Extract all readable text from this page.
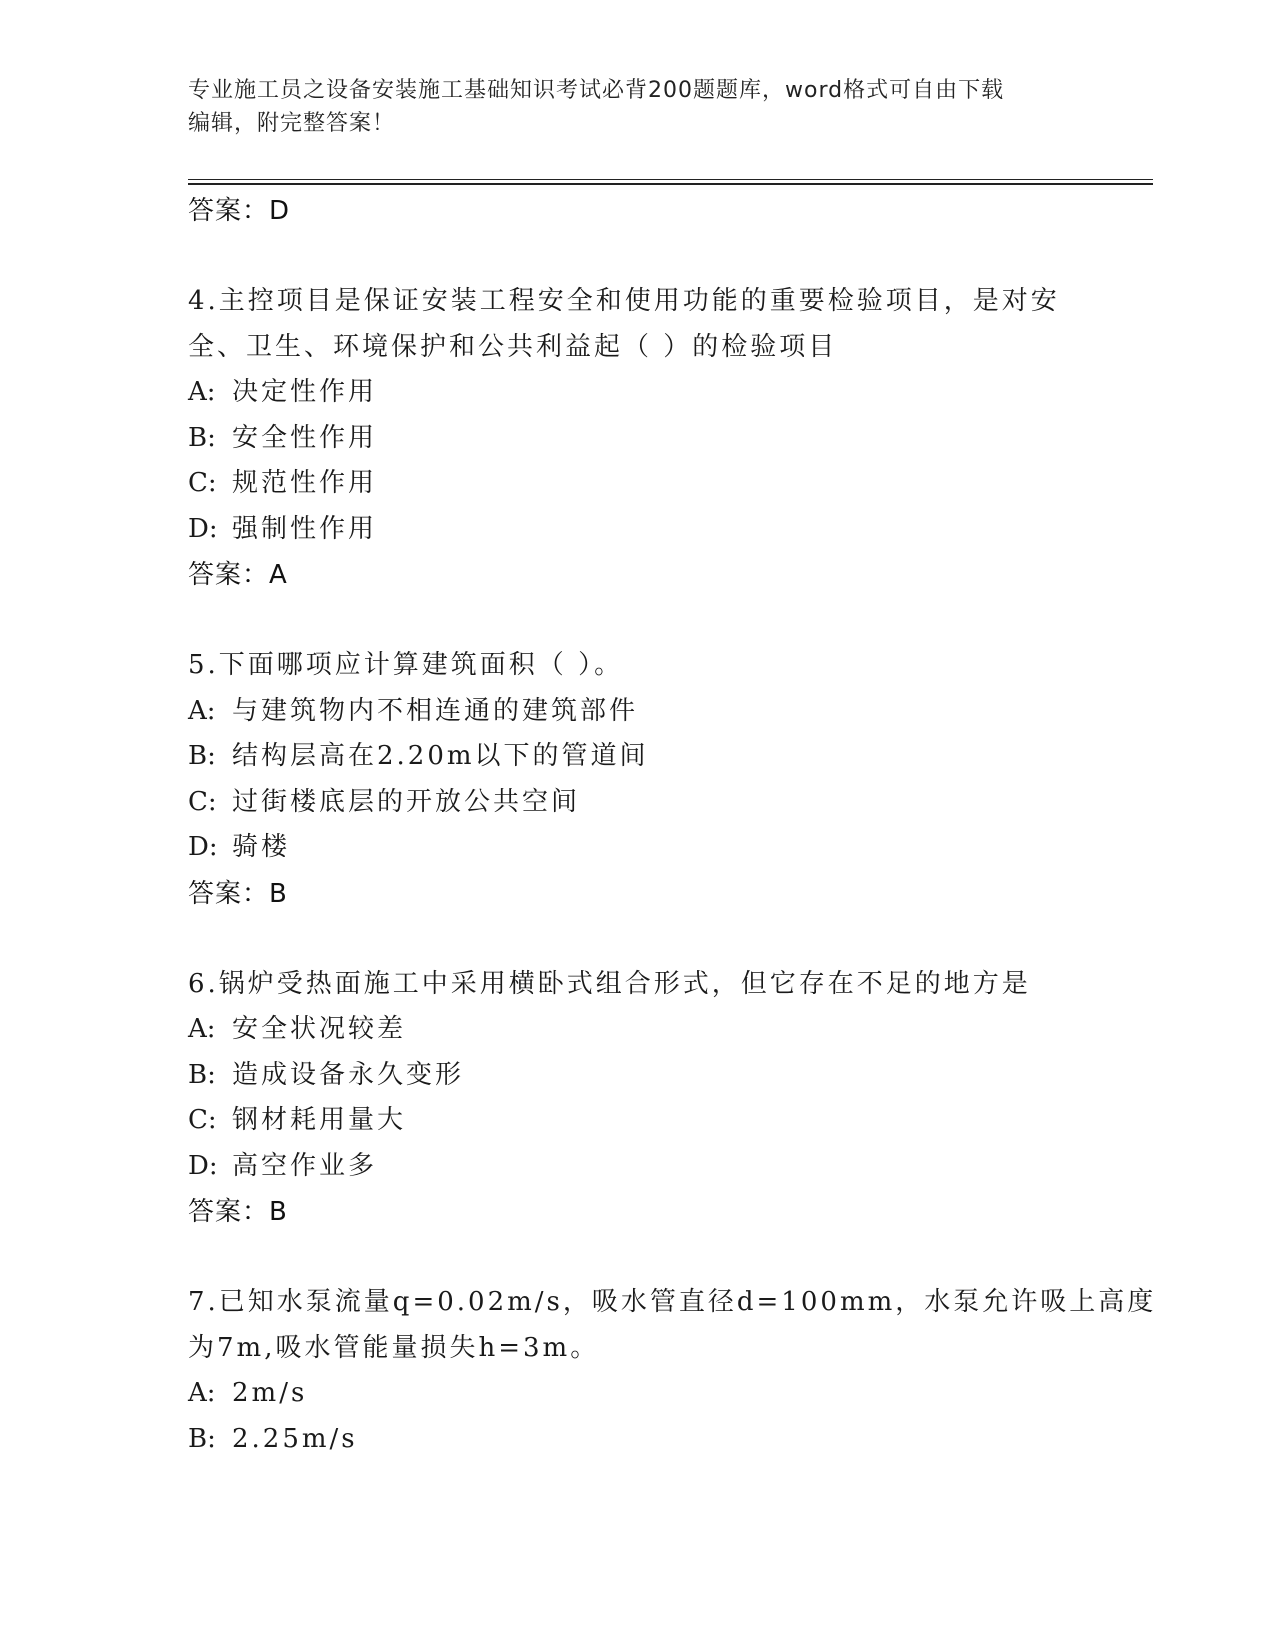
专业施工员之设备安装施工基础知识考试必背200题题库，word格式可自由下载
编辑，附完整答案！
答案：D
4.主控项目是保证安装工程安全和使用功能的重要检验项目，是对安
全、卫生、环境保护和公共利益起（ ）的检验项目
A: 决定性作用
B: 安全性作用
C: 规范性作用
D: 强制性作用
答案：A
5.下面哪项应计算建筑面积（ ）。
A: 与建筑物内不相连通的建筑部件
B: 结构层高在2.20m以下的管道间
C: 过街楼底层的开放公共空间
D: 骑楼
答案：B
6.锅炉受热面施工中采用横卧式组合形式，但它存在不足的地方是
A: 安全状况较差
B: 造成设备永久变形
C: 钢材耗用量大
D: 高空作业多
答案：B
7.已知水泵流量q=0.02m/s，吸水管直径d=100mm，水泵允许吸上高度
为7m,吸水管能量损失h=3m。
A: 2m/s
B: 2.25m/s
